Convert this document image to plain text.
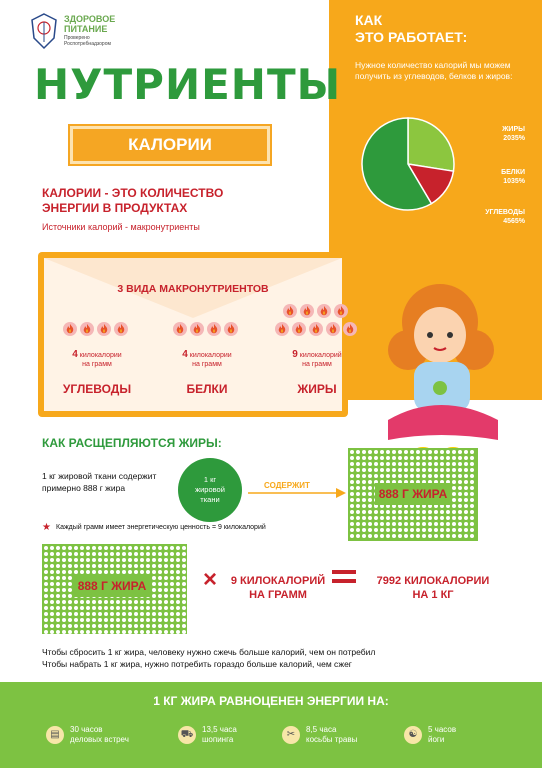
КАК
ЭТО РАБОТАЕТ:
Нужное количество калорий мы можем получить из углеводов, белков и жиров:
ЖИРЫ
2035%
БЕЛКИ
1035%
УГЛЕВОДЫ
4565%
ЗДОРОВОЕ
ПИТАНИЕ
Проверено
Роспотребнадзором
НУТРИЕНТЫ
КАЛОРИИ
КАЛОРИИ - ЭТО КОЛИЧЕСТВО ЭНЕРГИИ В ПРОДУКТАХ
Источники калорий - макронутриенты
3 ВИДА МАКРОНУТРИЕНТОВ
4 килокалории
на грамм
4 килокалории
на грамм
9 килокалорий
на грамм
УГЛЕВОДЫ	БЕЛКИ	ЖИРЫ
КАК РАСЩЕПЛЯЮТСЯ ЖИРЫ:
1 кг жировой ткани содержит примерно 888 г жира
1 кг
жировой
ткани
СОДЕРЖИТ
888 Г ЖИРА
★ Каждый грамм имеет энергетическую ценность = 9 килокалорий
888 Г ЖИРА × 9 КИЛОКАЛОРИЙ
НА ГРАММ
7992 КИЛОКАЛОРИИ
НА 1 КГ
Чтобы сбросить 1 кг жира, человеку нужно сжечь больше калорий, чем он потребил
Чтобы набрать 1 кг жира, нужно потребить гораздо больше калорий, чем сжег
1 КГ ЖИРА РАВНОЦЕНЕН ЭНЕРГИИ НА:
▤	30 часов
деловых встреч	⛟	13,5 часа
шопинга	✂	8,5 часа
косьбы травы	☯	5 часов
йоги
